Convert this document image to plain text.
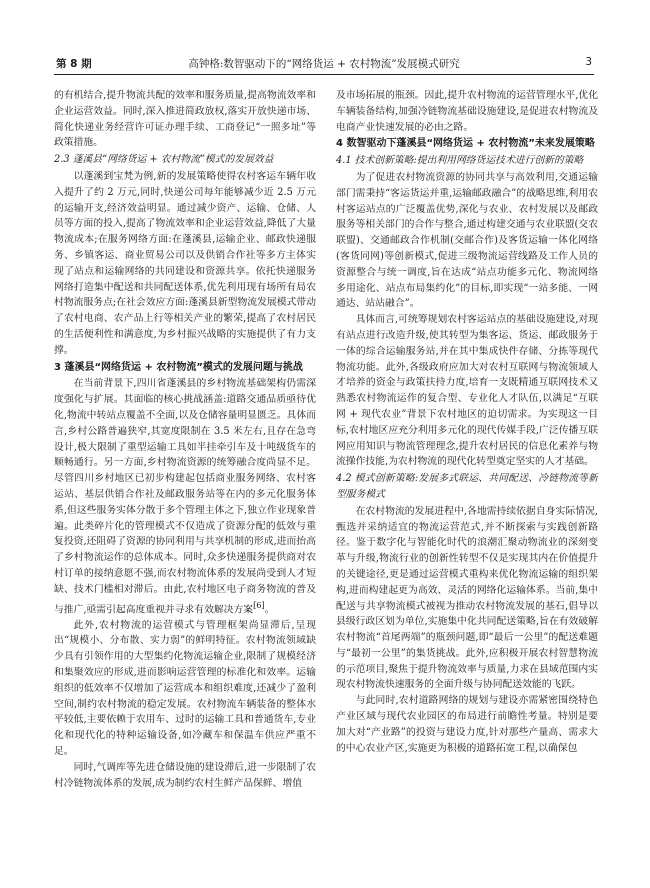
第 8 期	高钟格:数智驱动下的“网络货运 + 农村物流”发展模式研究	3

的有机结合,提升物流共配的效率和服务质量,提高物流效率和企业运营效益。同时,深入推进简政放权,落实开放快递市场、简化快递业务经营许可证办理手续、工商登记“一照多址”等政策措施。

2.3 蓬溪县“网络货运 + 农村物流”模式的发展效益

以蓬溪到宝梵为例,新的发展策略使得农村客运车辆年收入提升了约 2 万元,同时,快递公司每年能够减少近 2.5 万元的运输开支,经济效益明显。通过减少资产、运输、仓储、人员等方面的投入,提高了物流效率和企业运营效益,降低了大量物流成本;在服务网络方面:在蓬溪县,运输企业、邮政快递服务、乡镇客运、商业贸易公司以及供销合作社等多方主体实现了站点和运输网络的共同建设和资源共享。依托快递服务网络打造集中配送和共同配送体系,优先利用现有场所有局农村物流服务点;在社会效应方面:蓬溪县新型物流发展模式带动了农村电商、农产品上行等相关产业的繁荣,提高了农村居民的生活便利性和满意度,为乡村振兴战略的实施提供了有力支撑。

3 蓬溪县“网络货运 + 农村物流”模式的发展问题与挑战

在当前背景下,四川省蓬溪县的乡村物流基础架构仍需深度强化与扩展。其面临的核心挑战涵盖:道路交通品质亟待优化,物流中转站点覆盖不全面,以及仓储容量明显匮乏。具体而言,乡村公路普遍狭窄,其宽度限制在 3.5 米左右,且存在急弯设计,极大限制了重型运输工具如半挂牵引车及十吨级货车的顺畅通行。另一方面,乡村物流资源的统筹融合度尚显不足。尽管四川乡村地区已初步构建起包括商业服务网络、农村客运站、基层供销合作社及邮政服务站等在内的多元化服务体系,但这些服务实体分散于多个管理主体之下,独立作业现象普遍。此类碎片化的管理模式不仅造成了资源分配的低效与重复投资,还阻碍了资源的协同利用与共享机制的形成,进而抬高了乡村物流运作的总体成本。同时,众多快递服务提供商对农村订单的接纳意愿不强,而农村物流体系的发展尚受到人才短缺、技术门槛相对滞后。由此,农村地区电子商务物流的普及与推广,亟需引起高度重视并寻求有效解决方案[6]。

此外,农村物流的运营模式与管理框架尚显滞后,呈现出“规模小、分布散、实力弱”的鲜明特征。农村物流领域缺少具有引领作用的大型集约化物流运输企业,限制了规模经济和集聚效应的形成,进而影响运营管理的标准化和效率。运输组织的低效率不仅增加了运营成本和组织难度,还减少了盈利空间,制约农村物流的稳定发展。农村物流车辆装备的整体水平较低,主要依赖于农用车、过时的运输工具和普通货车,专业化和现代化的特种运输设备,如冷藏车和保温车供应严重不足。

同时,气调库等先进仓储设施的建设滞后,进一步限制了农村冷链物流体系的发展,成为制约农村生鲜产品保鲜、增值

及市场拓展的瓶颈。因此,提升农村物流的运营管理水平,优化车辆装备结构,加强冷链物流基础设施建设,是促进农村物流及电商产业快速发展的必由之路。

4 数智驱动下蓬溪县“网络货运 + 农村物流”未来发展策略
4.1 技术创新策略:提出利用网络货运技术进行创新的策略

为了促进农村物流资源的协同共享与高效利用,交通运输部门需秉持“客运货运并重,运输邮政融合”的战略思维,利用农村客运站点的广泛覆盖优势,深化与农业、农村发展以及邮政服务等相关部门的合作与整合,通过构建交通与农业联盟(交农联盟)、交通邮政合作机制(交邮合作)及客货运输一体化网络(客货同网)等创新模式,促进三级物流运营线路及工作人员的资源整合与统一调度,旨在达成“站点功能多元化、物流网络多用途化、站点布局集约化”的目标,即实现“一站多能、一网通达、站站融合”。

具体而言,可统筹规划农村客运站点的基础设施建设,对现有站点进行改造升级,使其转型为集客运、货运、邮政服务于一体的综合运输服务站,并在其中集成快件存储、分拣等现代物流功能。此外,各级政府应加大对农村互联网与物流领域人才培养的资金与政策扶持力度,培育一支既精通互联网技术又熟悉农村物流运作的复合型、专业化人才队伍,以满足“互联网 + 现代农业”背景下农村地区的迫切需求。为实现这一目标,农村地区应充分利用多元化的现代传媒手段,广泛传播互联网应用知识与物流管理理念,提升农村居民的信息化素养与物流操作技能,为农村物流的现代化转型奠定坚实的人才基础。

4.2 模式创新策略:发展多式联运、共同配送、冷链物流等新型服务模式

在农村物流的发展进程中,各地需持续依据自身实际情况,甄选并采纳适宜的物流运营范式,并不断探索与实践创新路径。鉴于数字化与智能化时代的浪潮汇聚动物流业的深刻变革与升级,物流行业的创新性转型不仅是实现其内在价值提升的关键途径,更是通过运营模式重构来优化物流运输的组织架构,进而构建起更为高效、灵活的网络化运输体系。当前,集中配送与共享物流模式被视为推动农村物流发展的基石,倡导以县级行政区划为单位,实施集中化共同配送策略,旨在有效破解农村物流“首尾两端”的瓶颈问题,即“最后一公里”的配送难题与“最初一公里”的集货挑战。此外,应积极开展农村智慧物流的示范项目,聚焦于提升物流效率与质量,力求在县域范围内实现农村物流快速服务的全面升级与协同配送效能的飞跃。

与此同时,农村道路网络的规划与建设亦需紧密围绕特色产业区域与现代农业园区的布局进行前瞻性考量。特别是要加大对“产业路”的投资与建设力度,针对那些产量高、需求大的中心农业产区,实施更为积极的道路拓宽工程,以确保包
